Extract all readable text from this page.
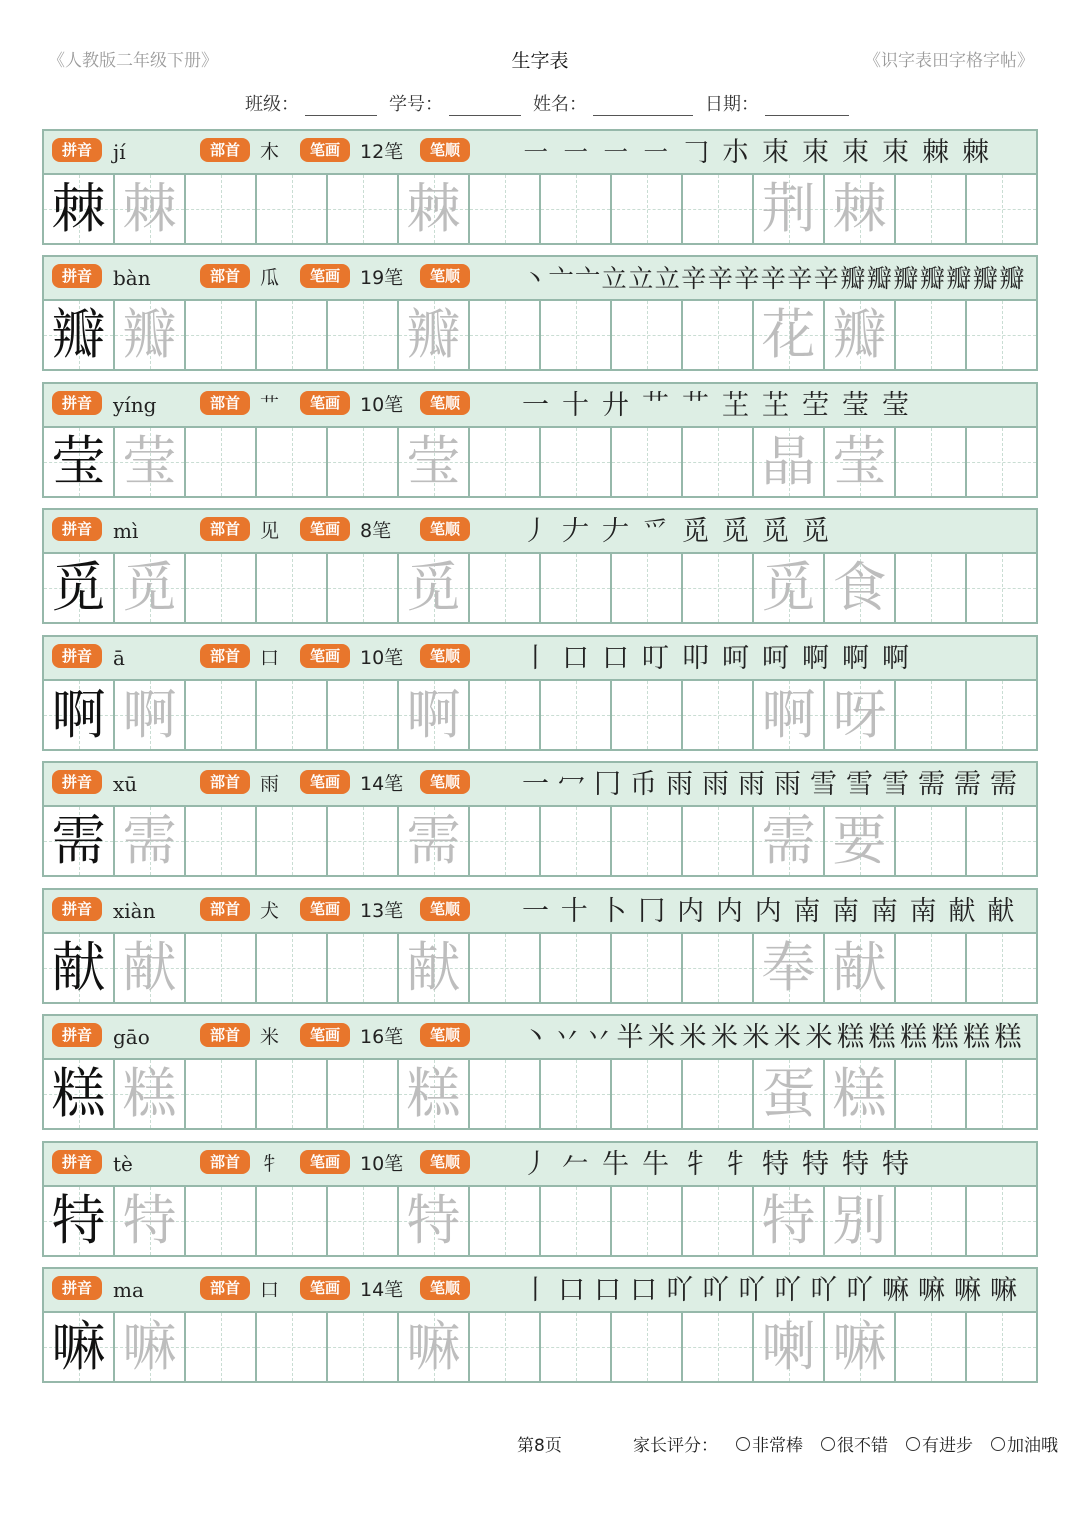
《人教版二年级下册》	生字表	《识字表田字格字帖》
班级：	学号：	姓名：	日期：
拼音	jí	部首	木	笔画	12笔	笔顺	㇐ ㇐ ㇐ ㇐ 𠃌 朩 朿 朿 朿 朿 棘 棘
棘 棘	棘	荆 棘
拼音	bàn	部首	瓜	笔画	19笔	笔顺	丶亠亠立立立辛辛辛辛辛辛瓣瓣瓣瓣瓣瓣瓣
瓣 瓣	瓣	花 瓣
拼音	yíng	部首	艹	笔画	10笔	笔顺	一 十 廾 艹 艹 芏 芏 茔 莹 莹
莹 莹	莹	晶 莹
拼音	mì	部首	见	笔画	8笔	笔顺	丿 𠂇 𠂇 爫 觅 觅 觅 觅
觅 觅	觅	觅 食
拼音	ā	部首	口	笔画	10笔	笔顺	丨 口 口 叮 叩 呵 呵 啊 啊 啊
啊 啊	啊	啊 呀
拼音	xū	部首	雨	笔画	14笔	笔顺	一 冖 冂 币 雨 雨 雨 雨 雪 雪 雪 需 需 需
需 需	需	需 要
拼音	xiàn	部首	犬	笔画	13笔	笔顺	一 十 卜 冂 内 内 内 南 南 南 南 献 献
献 献	献	奉 献
拼音	gāo	部首	米	笔画	16笔	笔顺	丶 丷 丷 半 米 米 米 米 米 米 糕 糕 糕 糕 糕 糕
糕 糕	糕	蛋 糕
拼音	tè	部首	牜	笔画	10笔	笔顺	丿 𠂉 牛 牛 牜 牜 特 特 特 特
特 特	特	特 别
拼音	ma	部首	口	笔画	14笔	笔顺	丨 口 口 口 吖 吖 吖 吖 吖 吖 嘛 嘛 嘛 嘛
嘛 嘛	嘛	喇 嘛
第8页	家长评分： 非常棒 很不错 有进步 加油哦
